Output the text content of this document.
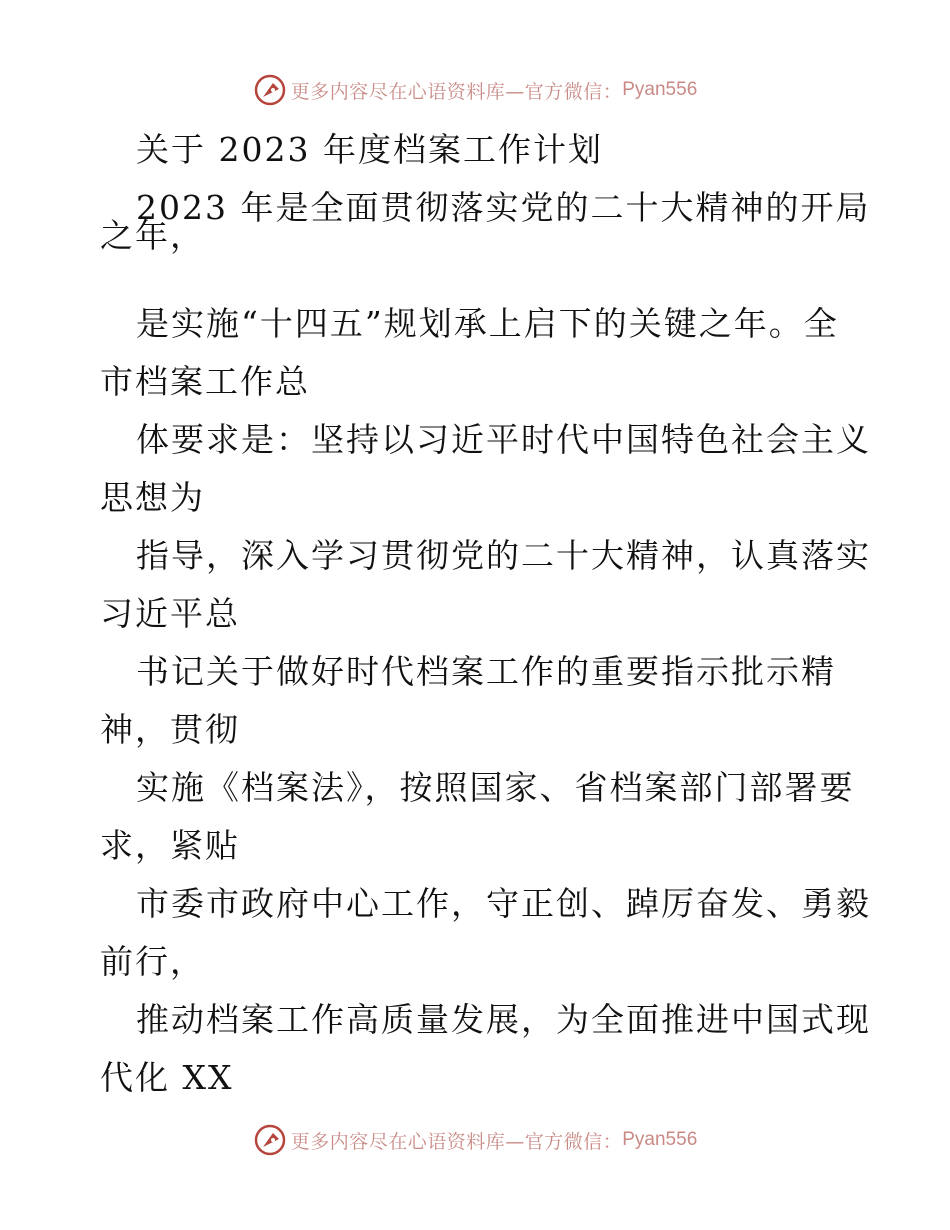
更多内容尽在心语资料库—官方微信： Pyan556
关于 2023 年度档案工作计划
2023 年是全面贯彻落实党的二十大精神的开局
之年，
是实施“十四五”规划承上启下的关键之年。全
市档案工作总
体要求是：坚持以习近平时代中国特色社会主义
思想为
指导，深入学习贯彻党的二十大精神，认真落实
习近平总
书记关于做好时代档案工作的重要指示批示精
神，贯彻
实施《档案法》，按照国家、省档案部门部署要
求，紧贴
市委市政府中心工作，守正创、踔厉奋发、勇毅
前行，
推动档案工作高质量发展，为全面推进中国式现
代化 XX
更多内容尽在心语资料库—官方微信： Pyan556
